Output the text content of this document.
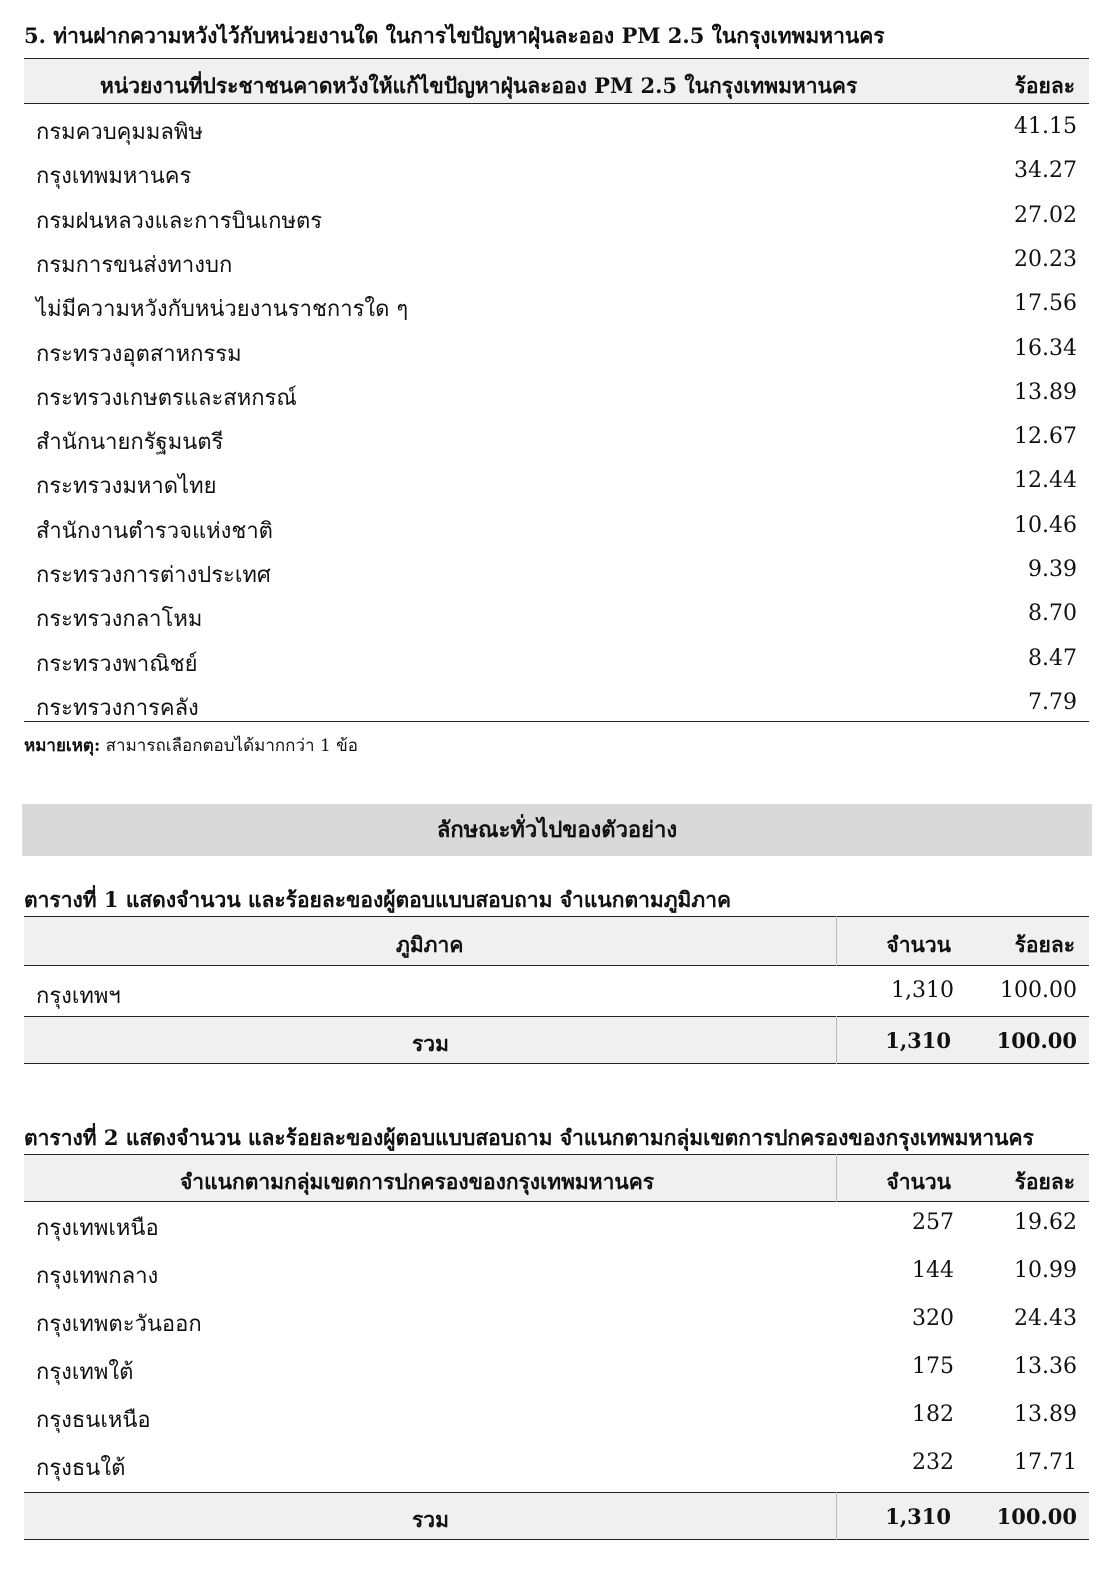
5. ท่านฝากความหวังไว้กับหน่วยงานใด ในการไขปัญหาฝุ่นละออง PM 2.5 ในกรุงเทพมหานคร
หน่วยงานที่ประชาชนคาดหวังให้แก้ไขปัญหาฝุ่นละออง PM 2.5 ในกรุงเทพมหานคร	ร้อยละ
กรมควบคุมมลพิษ	41.15
กรุงเทพมหานคร	34.27
กรมฝนหลวงและการบินเกษตร	27.02
กรมการขนส่งทางบก	20.23
ไม่มีความหวังกับหน่วยงานราชการใด ๆ	17.56
กระทรวงอุตสาหกรรม	16.34
กระทรวงเกษตรและสหกรณ์	13.89
สำนักนายกรัฐมนตรี	12.67
กระทรวงมหาดไทย	12.44
สำนักงานตำรวจแห่งชาติ	10.46
กระทรวงการต่างประเทศ	9.39
กระทรวงกลาโหม	8.70
กระทรวงพาณิชย์	8.47
กระทรวงการคลัง	7.79
หมายเหตุ: สามารถเลือกตอบได้มากกว่า 1 ข้อ
ลักษณะทั่วไปของตัวอย่าง
ตารางที่ 1 แสดงจำนวน และร้อยละของผู้ตอบแบบสอบถาม จำแนกตามภูมิภาค
ภูมิภาค	จำนวน	ร้อยละ
กรุงเทพฯ	1,310 100.00
รวม	1,310 100.00
ตารางที่ 2 แสดงจำนวน และร้อยละของผู้ตอบแบบสอบถาม จำแนกตามกลุ่มเขตการปกครองของกรุงเทพมหานคร
จำแนกตามกลุ่มเขตการปกครองของกรุงเทพมหานคร	จำนวน	ร้อยละ
กรุงเทพเหนือ	257	19.62
กรุงเทพกลาง	144	10.99
กรุงเทพตะวันออก	320	24.43
กรุงเทพใต้	175	13.36
กรุงธนเหนือ	182	13.89
กรุงธนใต้	232	17.71
รวม	1,310 100.00
